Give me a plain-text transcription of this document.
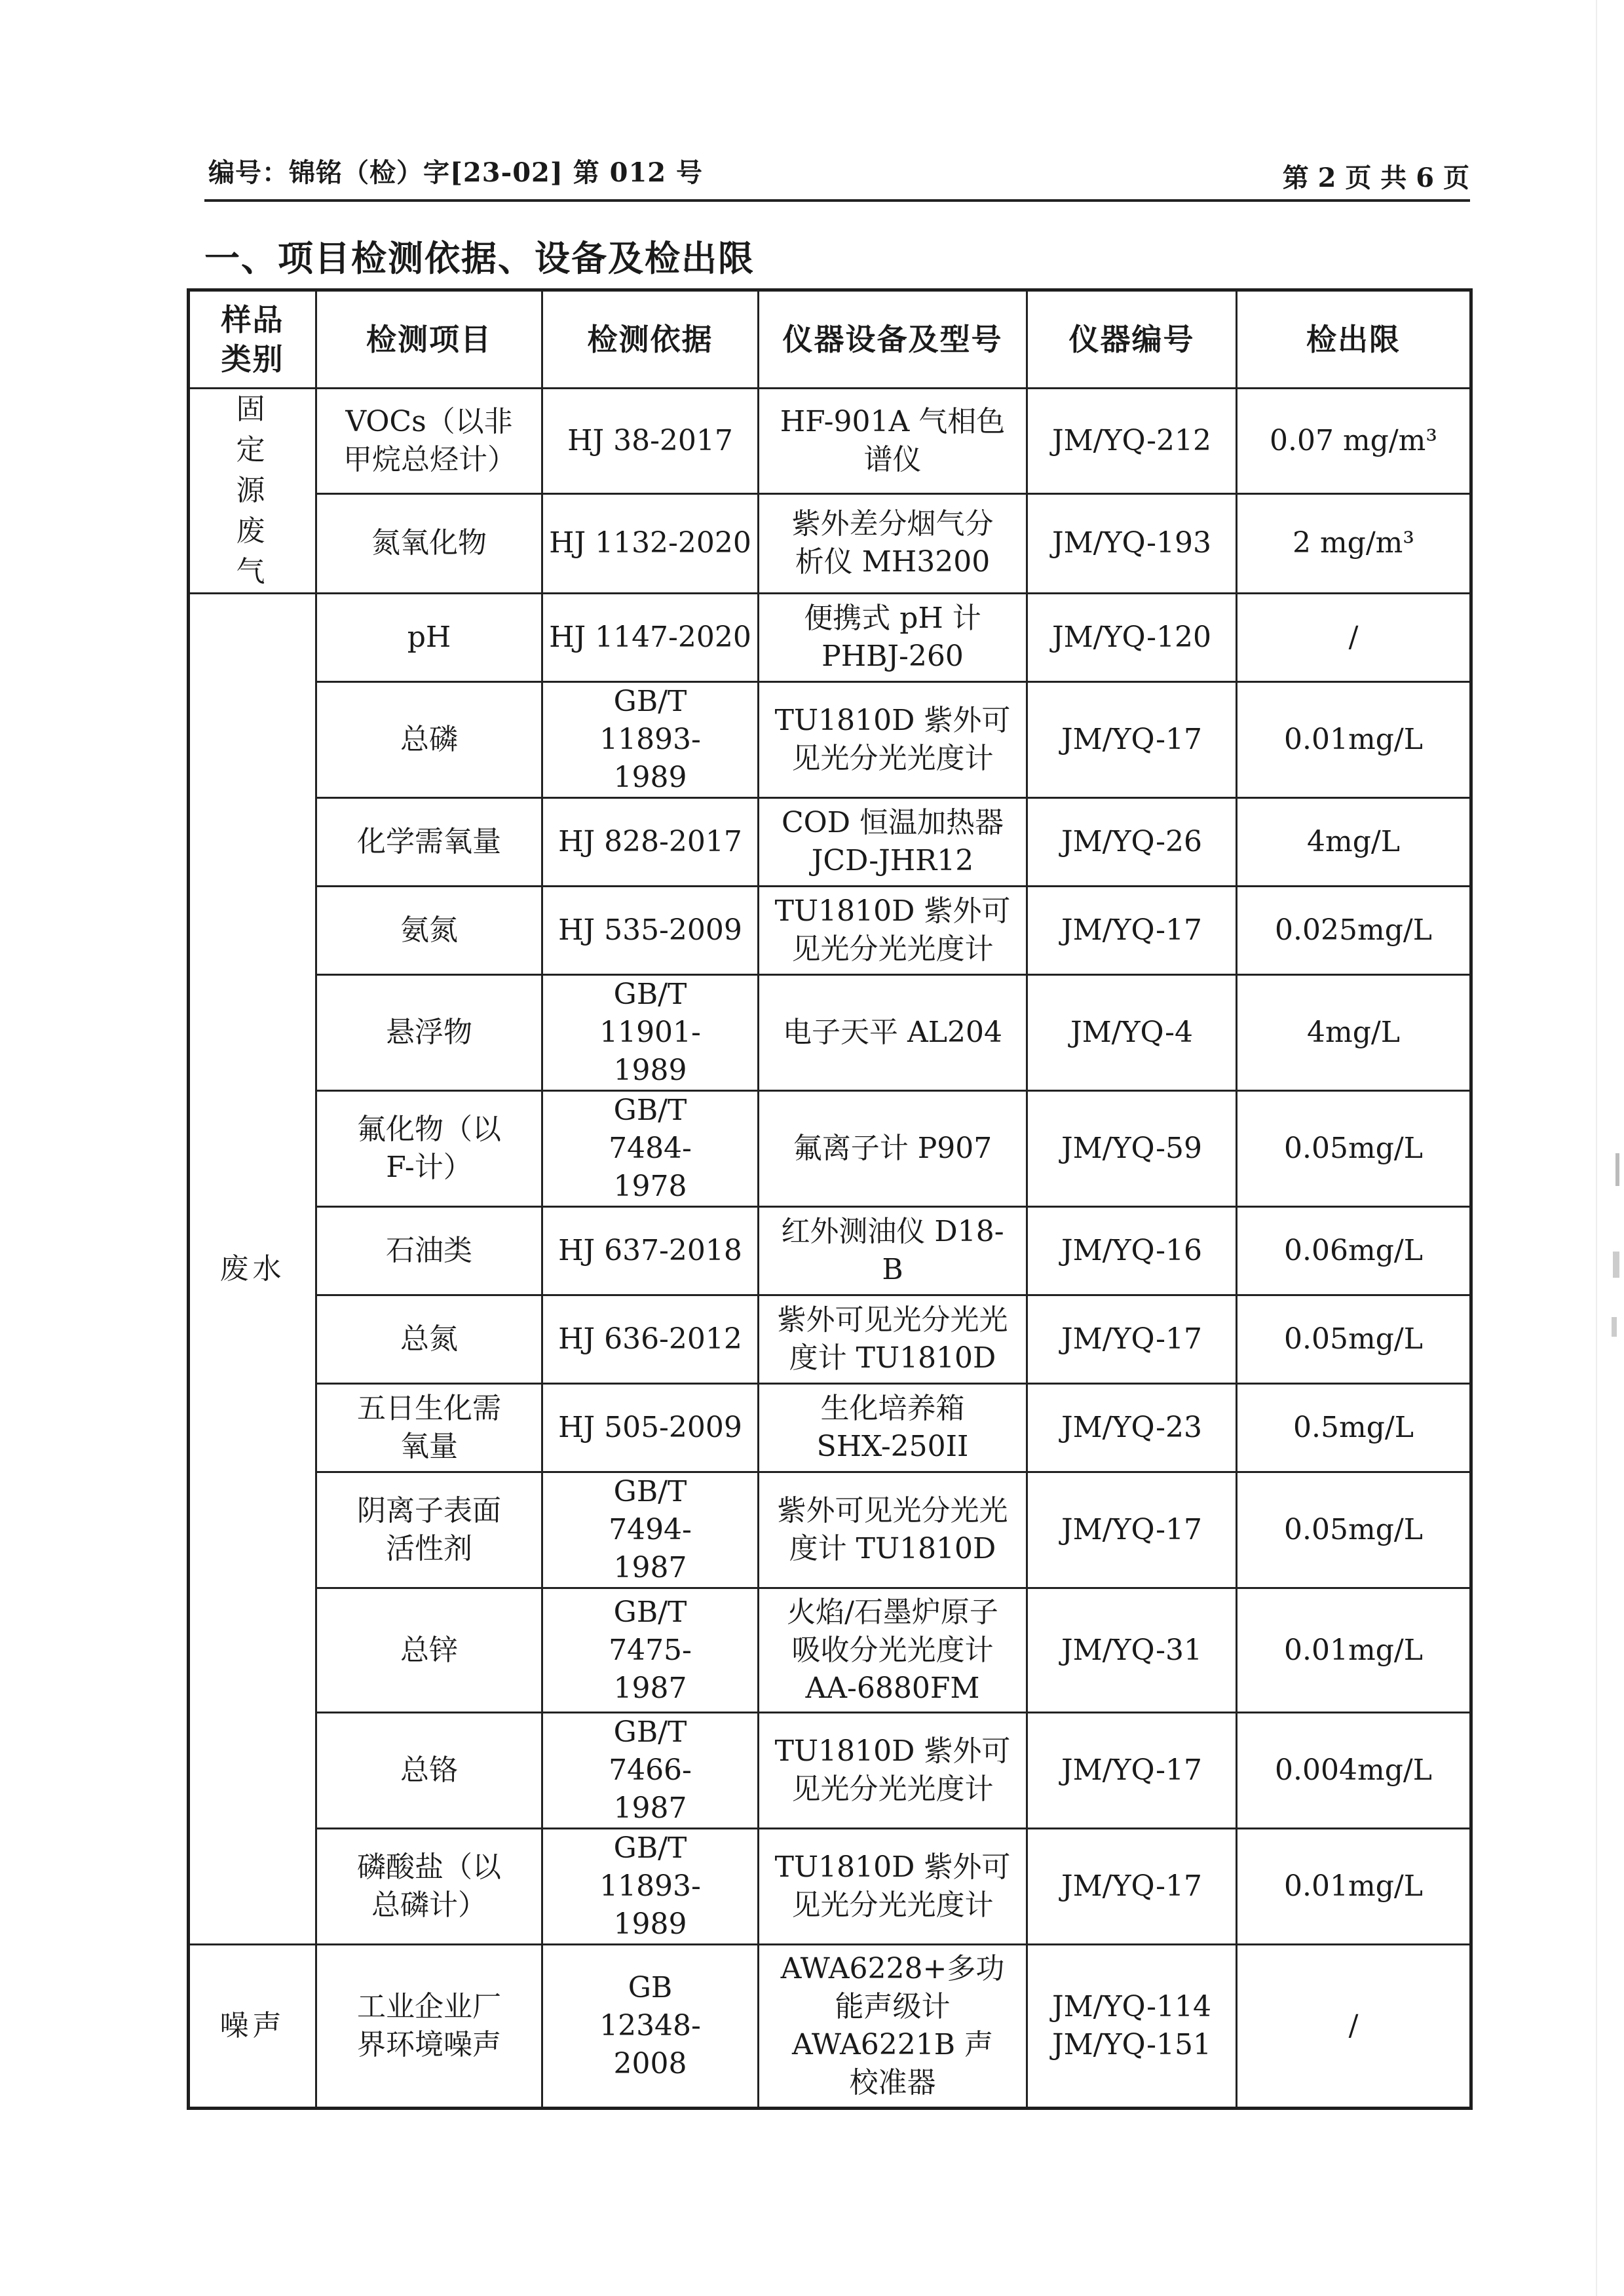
编号：锦铭（检）字[23-02] 第 012 号	第 2 页 共 6 页
一、项目检测依据、设备及检出限
样品类别	检测项目	检测依据	仪器设备及型号	仪器编号	检出限
固定源废气	VOCs（以非甲烷总烃计）	HJ 38-2017	HF-901A 气相色谱仪	JM/YQ-212	0.07 mg/m³
	氮氧化物	HJ 1132-2020	紫外差分烟气分析仪 MH3200	JM/YQ-193	2 mg/m³
废水	pH	HJ 1147-2020	便携式 pH 计 PHBJ-260	JM/YQ-120	/
	总磷	GB/T 11893-1989	TU1810D 紫外可见光分光光度计	JM/YQ-17	0.01mg/L
	化学需氧量	HJ 828-2017	COD 恒温加热器 JCD-JHR12	JM/YQ-26	4mg/L
	氨氮	HJ 535-2009	TU1810D 紫外可见光分光光度计	JM/YQ-17	0.025mg/L
	悬浮物	GB/T 11901-1989	电子天平 AL204	JM/YQ-4	4mg/L
	氟化物（以F-计）	GB/T 7484-1978	氟离子计 P907	JM/YQ-59	0.05mg/L
	石油类	HJ 637-2018	红外测油仪 D18-B	JM/YQ-16	0.06mg/L
	总氮	HJ 636-2012	紫外可见光分光光度计 TU1810D	JM/YQ-17	0.05mg/L
	五日生化需氧量	HJ 505-2009	生化培养箱 SHX-250II	JM/YQ-23	0.5mg/L
	阴离子表面活性剂	GB/T 7494-1987	紫外可见光分光光度计 TU1810D	JM/YQ-17	0.05mg/L
	总锌	GB/T 7475-1987	火焰/石墨炉原子吸收分光光度计 AA-6880FM	JM/YQ-31	0.01mg/L
	总铬	GB/T 7466-1987	TU1810D 紫外可见光分光光度计	JM/YQ-17	0.004mg/L
	磷酸盐（以总磷计）	GB/T 11893-1989	TU1810D 紫外可见光分光光度计	JM/YQ-17	0.01mg/L
噪声	工业企业厂界环境噪声	GB 12348-2008	AWA6228+多功能声级计 AWA6221B 声校准器	JM/YQ-114 JM/YQ-151	/
